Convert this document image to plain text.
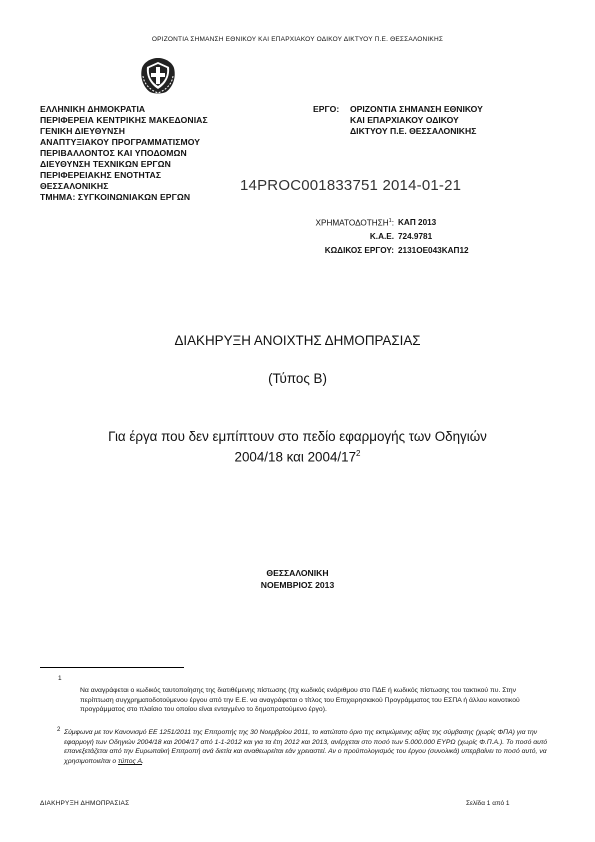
ΟΡΙΖΟΝΤΙΑ ΣΗΜΑΝΣΗ ΕΘΝΙΚΟΥ ΚΑΙ ΕΠΑΡΧΙΑΚΟΥ ΟΔΙΚΟΥ ΔΙΚΤΥΟΥ Π.Ε. ΘΕΣΣΑΛΟΝΙΚΗΣ
ΕΛΛΗΝΙΚΗ ΔΗΜΟΚΡΑΤΙΑ
ΠΕΡΙΦΕΡΕΙΑ ΚΕΝΤΡΙΚΗΣ ΜΑΚΕΔΟΝΙΑΣ
ΓΕΝΙΚΗ ΔΙΕΥΘΥΝΣΗ
ΑΝΑΠΤΥΞΙΑΚΟΥ ΠΡΟΓΡΑΜΜΑΤΙΣΜΟΥ
ΠΕΡΙΒΑΛΛΟΝΤΟΣ ΚΑΙ ΥΠΟΔΟΜΩΝ
ΔΙΕΥΘΥΝΣΗ ΤΕΧΝΙΚΩΝ ΕΡΓΩΝ
ΠΕΡΙΦΕΡΕΙΑΚΗΣ ΕΝΟΤΗΤΑΣ
ΘΕΣΣΑΛΟΝΙΚΗΣ
ΤΜΗΜΑ: ΣΥΓΚΟΙΝΩΝΙΑΚΩΝ ΕΡΓΩΝ
ΕΡΓΟ: ΟΡΙΖΟΝΤΙΑ ΣΗΜΑΝΣΗ ΕΘΝΙΚΟΥ
ΚΑΙ ΕΠΑΡΧΙΑΚΟΥ ΟΔΙΚΟΥ
ΔΙΚΤΥΟΥ Π.Ε. ΘΕΣΣΑΛΟΝΙΚΗΣ
14PROC001833751 2014-01-21
ΧΡΗΜΑΤΟΔΟΤΗΣΗ$^1$: ΚΑΠ 2013
Κ.Α.Ε. 724.9781
ΚΩΔΙΚΟΣ ΕΡΓΟΥ: 2131ΟΕ043ΚΑΠ12
ΔΙΑΚΗΡΥΞΗ ΑΝΟΙΧΤΗΣ ΔΗΜΟΠΡΑΣΙΑΣ
(Τύπος Β)
Για έργα που δεν εμπίπτουν στο πεδίο εφαρμογής των Οδηγιών
2004/18 και $2004/17^2$
ΘΕΣΣΑΛΟΝΙΚΗ
ΝΟΕΜΒΡΙΟΣ 2013
1
Να αναγράφεται ο κωδικός ταυτοποίησης της διατιθέμενης πίστωσης (πχ κωδικός ενάριθμου στο ΠΔΕ ή κωδικός πίστωσης του τακτικού πυ. Στην περίπτωση συγχρηματοδοτούμενου έργου από την Ε.Ε. να αναγράφεται ο τίτλος του Επιχειρησιακού Προγράμματος του ΕΣΠΑ ή άλλου κοινοτικού προγράμματος στο πλαίσιο του οποίου είναι ενταγμένο το δημοπρατούμενο έργο).
2 Σύμφωνα με τον Κανονισμό ΕΕ 1251/2011 της Επιτροπής της 30 Νοεμβρίου 2011, το κατώτατο όριο της εκτιμώμενης αξίας της σύμβασης (χωρίς ΦΠΑ) για την εφαρμογή των Οδηγιών 2004/18 και 2004/17 από 1-1-2012 και για τα έτη 2012 και 2013, ανέρχεται στο ποσό των 5.000.000 ΕΥΡΩ (χωρίς Φ.Π.Α.). Το ποσό αυτό επανεξετάζεται από την Ευρωπαϊκή Επιτροπή ανά διετία και αναθεωρείται εάν χρειαστεί. Αν ο προϋπολογισμός του έργου (συνολικά) υπερβαίνει το ποσό αυτό, να χρησιμοποιείται ο τύπος Α.
ΔΙΑΚΗΡΥΞΗ ΔΗΜΟΠΡΑΣΙΑΣ	Σελίδα 1 από 1
